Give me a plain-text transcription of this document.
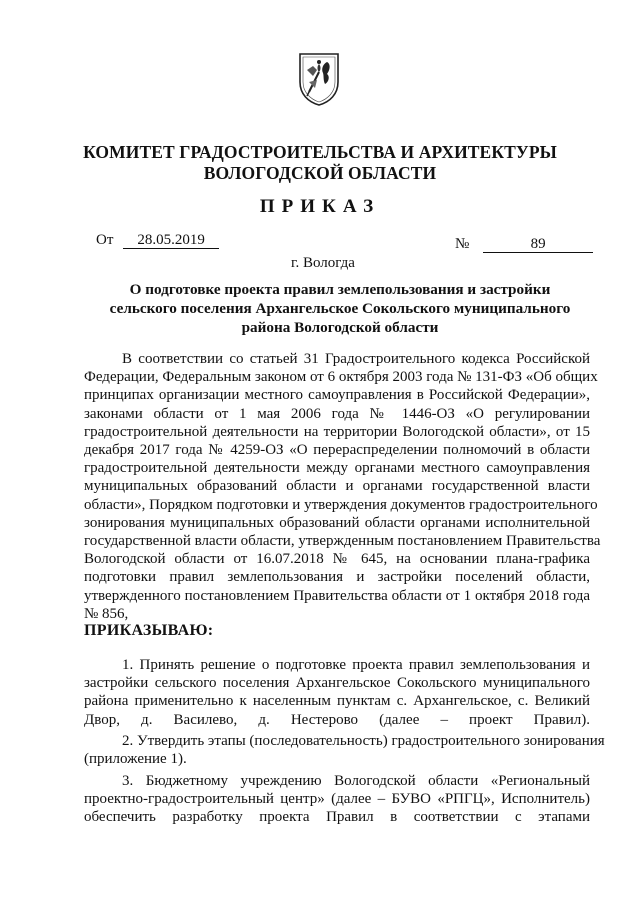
КОМИТЕТ ГРАДОСТРОИТЕЛЬСТВА И АРХИТЕКТУРЫ
ВОЛОГОДСКОЙ ОБЛАСТИ
ПРИКАЗ
От 28.05.2019	№	89
г. Вологда
О подготовке проекта правил землепользования и застройки
сельского поселения Архангельское Сокольского муниципального
района Вологодской области
В соответствии со статьей 31 Градостроительного кодекса Российской
Федерации, Федеральным законом от 6 октября 2003 года № 131-ФЗ «Об общих
принципах организации местного самоуправления в Российской Федерации»,
законами области от 1 мая 2006 года № 1446-ОЗ «О регулировании
градостроительной деятельности на территории Вологодской области», от 15
декабря 2017 года № 4259-ОЗ «О перераспределении полномочий в области
градостроительной деятельности между органами местного самоуправления
муниципальных образований области и органами государственной власти
области», Порядком подготовки и утверждения документов градостроительного
зонирования муниципальных образований области органами исполнительной
государственной власти области, утвержденным постановлением Правительства
Вологодской области от 16.07.2018 № 645, на основании плана-графика
подготовки правил землепользования и застройки поселений области,
утвержденного постановлением Правительства области от 1 октября 2018 года
№ 856,
ПРИКАЗЫВАЮ:
1. Принять решение о подготовке проекта правил землепользования и
застройки сельского поселения Архангельское Сокольского муниципального
района применительно к населенным пунктам с. Архангельское, с. Великий
Двор, д. Василево, д. Нестерово (далее – проект Правил).
2. Утвердить этапы (последовательность) градостроительного зонирования
(приложение 1).
3. Бюджетному учреждению Вологодской области «Региональный
проектно-градостроительный центр» (далее – БУВО «РПГЦ», Исполнитель)
обеспечить разработку проекта Правил в соответствии с этапами
